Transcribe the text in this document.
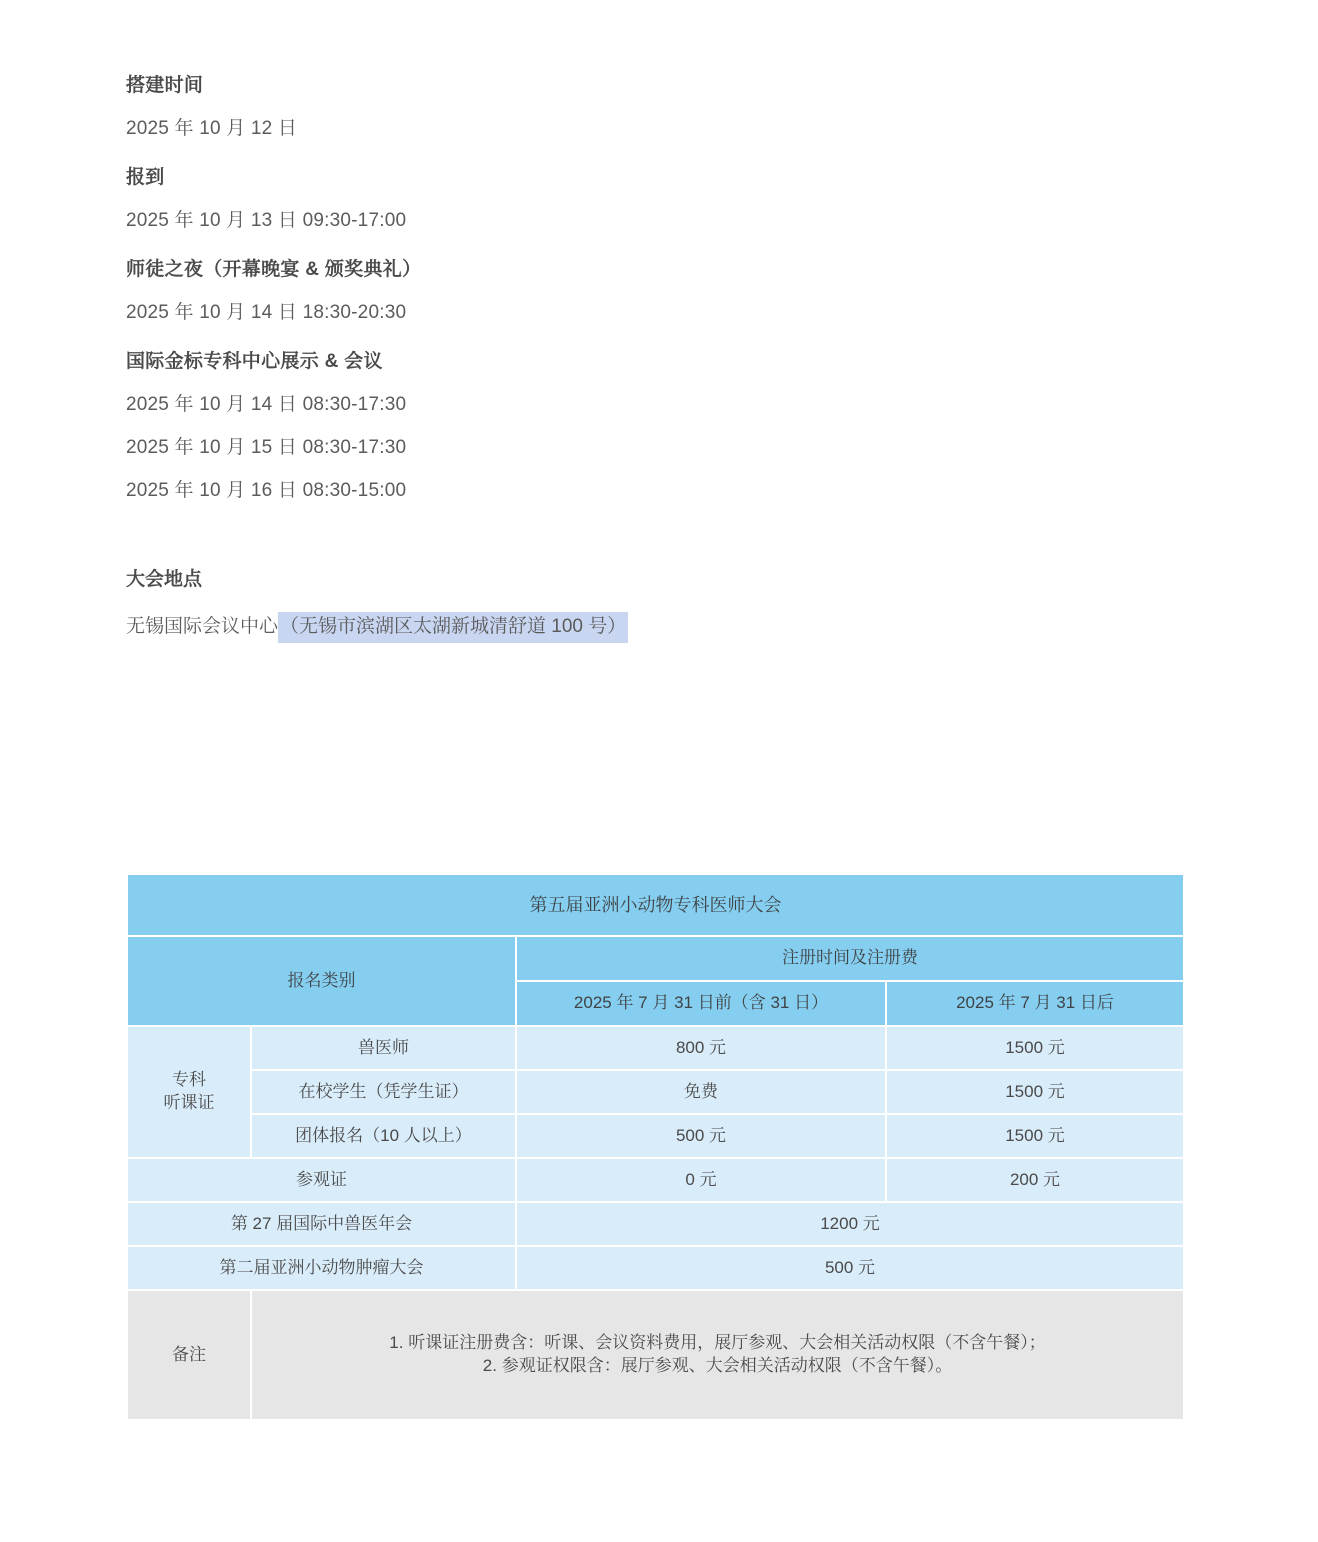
搭建时间

2025 年 10 月 12 日

报到

2025 年 10 月 13 日 09:30-17:00

师徒之夜（开幕晚宴 & 颁奖典礼）

2025 年 10 月 14 日 18:30-20:30

国际金标专科中心展示 & 会议

2025 年 10 月 14 日 08:30-17:30

2025 年 10 月 15 日 08:30-17:30

2025 年 10 月 16 日 08:30-15:00

大会地点

无锡国际会议中心 （无锡市滨湖区太湖新城清舒道 100 号）

第五届亚洲小动物专科医师大会			
报名类别		注册时间及注册费	
		2025 年 7 月 31 日前（含 31 日）	2025 年 7 月 31 日后
专科
听课证	兽医师	800 元	1500 元
	在校学生（凭学生证）	免费	1500 元
	团体报名（10 人以上）	500 元	1500 元
参观证		0 元	200 元
第 27 届国际中兽医年会		1200 元	
第二届亚洲小动物肿瘤大会		500 元	
备注	1. 听课证注册费含：听课、会议资料费用，展厅参观、大会相关活动权限（不含午餐）；
2. 参观证权限含：展厅参观、大会相关活动权限（不含午餐）。		
